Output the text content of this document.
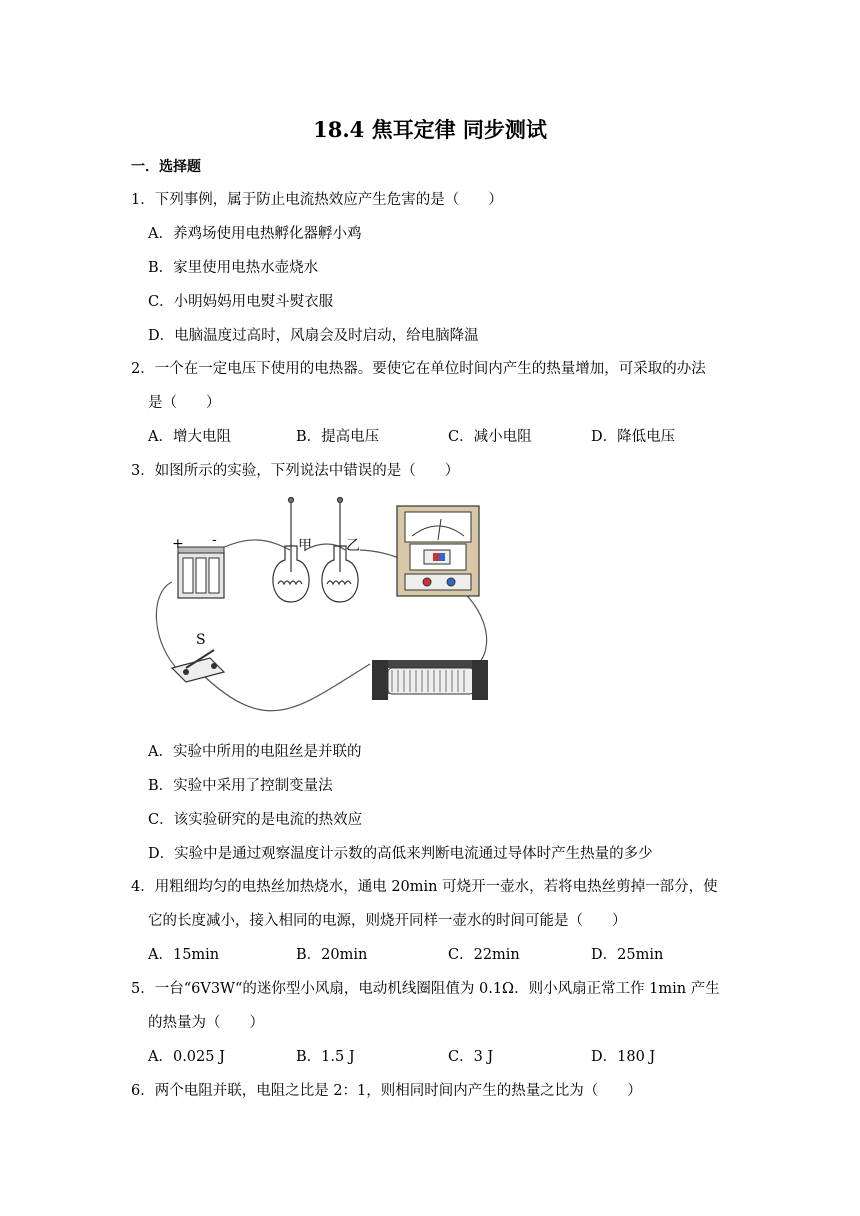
18.4 焦耳定律 同步测试
一．选择题
1．下列事例，属于防止电流热效应产生危害的是（　　）
A．养鸡场使用电热孵化器孵小鸡
B．家里使用电热水壶烧水
C．小明妈妈用电熨斗熨衣服
D．电脑温度过高时，风扇会及时启动，给电脑降温
2．一个在一定电压下使用的电热器。要使它在单位时间内产生的热量增加，可采取的办法
是（　　）
A．增大电阻	B．提高电压	C．减小电阻	D．降低电压
3．如图所示的实验，下列说法中错误的是（　　）
+ -	甲 乙
S
A．实验中所用的电阻丝是并联的
B．实验中采用了控制变量法
C．该实验研究的是电流的热效应
D．实验中是通过观察温度计示数的高低来判断电流通过导体时产生热量的多少
4．用粗细均匀的电热丝加热烧水，通电 20min 可烧开一壶水，若将电热丝剪掉一部分，使
它的长度减小，接入相同的电源，则烧开同样一壶水的时间可能是（　　）
A．15min	B．20min	C．22min	D．25min
5．一台“6V3W“的迷你型小风扇，电动机线圈阻值为 0.1Ω．则小风扇正常工作 1min 产生
的热量为（　　）
A．0.025 J	B．1.5 J	C．3 J	D．180 J
6．两个电阻并联，电阻之比是 2：1，则相同时间内产生的热量之比为（　　）
